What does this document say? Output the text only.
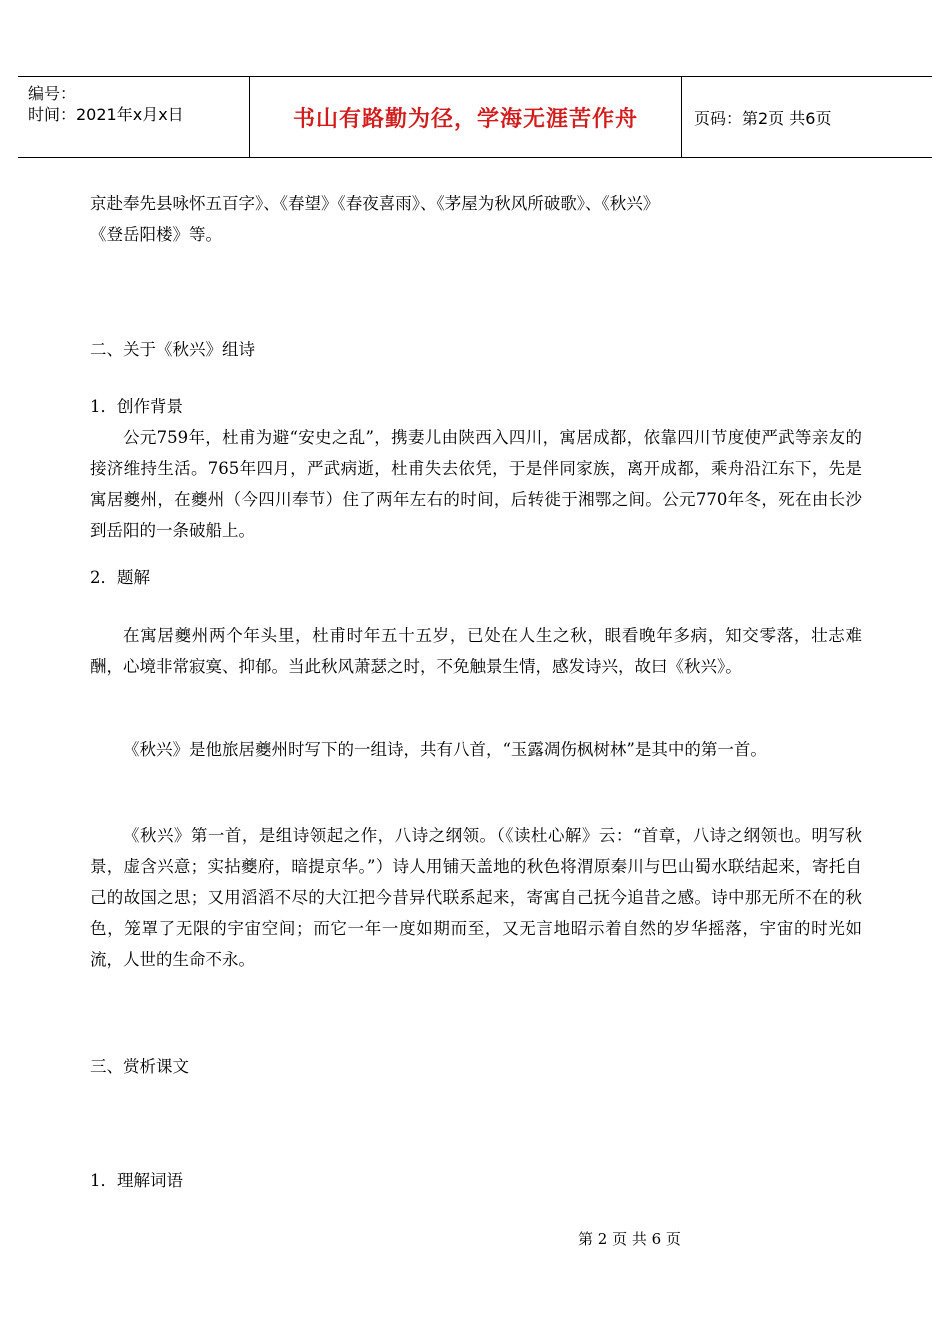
编号：
时间：2021年x月x日	书山有路勤为径，学海无涯苦作舟	页码：第2页 共6页

京赴奉先县咏怀五百字》、《春望》《春夜喜雨》、《茅屋为秋风所破歌》、《秋兴》

《登岳阳楼》等。

二、关于《秋兴》组诗

1．创作背景

公元759年，杜甫为避“安史之乱”，携妻儿由陕西入四川，寓居成都，依靠四川节度使严武等亲友的接济维持生活。765年四月，严武病逝，杜甫失去依凭，于是伴同家族，离开成都，乘舟沿江东下，先是寓居夔州，在夔州（今四川奉节）住了两年左右的时间，后转徙于湘鄂之间。公元770年冬，死在由长沙到岳阳的一条破船上。

2．题解

在寓居夔州两个年头里，杜甫时年五十五岁，已处在人生之秋，眼看晚年多病，知交零落，壮志难酬，心境非常寂寞、抑郁。当此秋风萧瑟之时，不免触景生情，感发诗兴，故曰《秋兴》。

《秋兴》是他旅居夔州时写下的一组诗，共有八首，“玉露凋伤枫树林”是其中的第一首。

《秋兴》第一首，是组诗领起之作，八诗之纲领。（《读杜心解》云：“首章，八诗之纲领也。明写秋景，虚含兴意；实拈夔府，暗提京华。”）诗人用铺天盖地的秋色将渭原秦川与巴山蜀水联结起来，寄托自己的故国之思；又用滔滔不尽的大江把今昔异代联系起来，寄寓自己抚今追昔之感。诗中那无所不在的秋色，笼罩了无限的宇宙空间；而它一年一度如期而至，又无言地昭示着自然的岁华摇落，宇宙的时光如流，人世的生命不永。

三、赏析课文

1．理解词语

第 2 页 共 6 页
